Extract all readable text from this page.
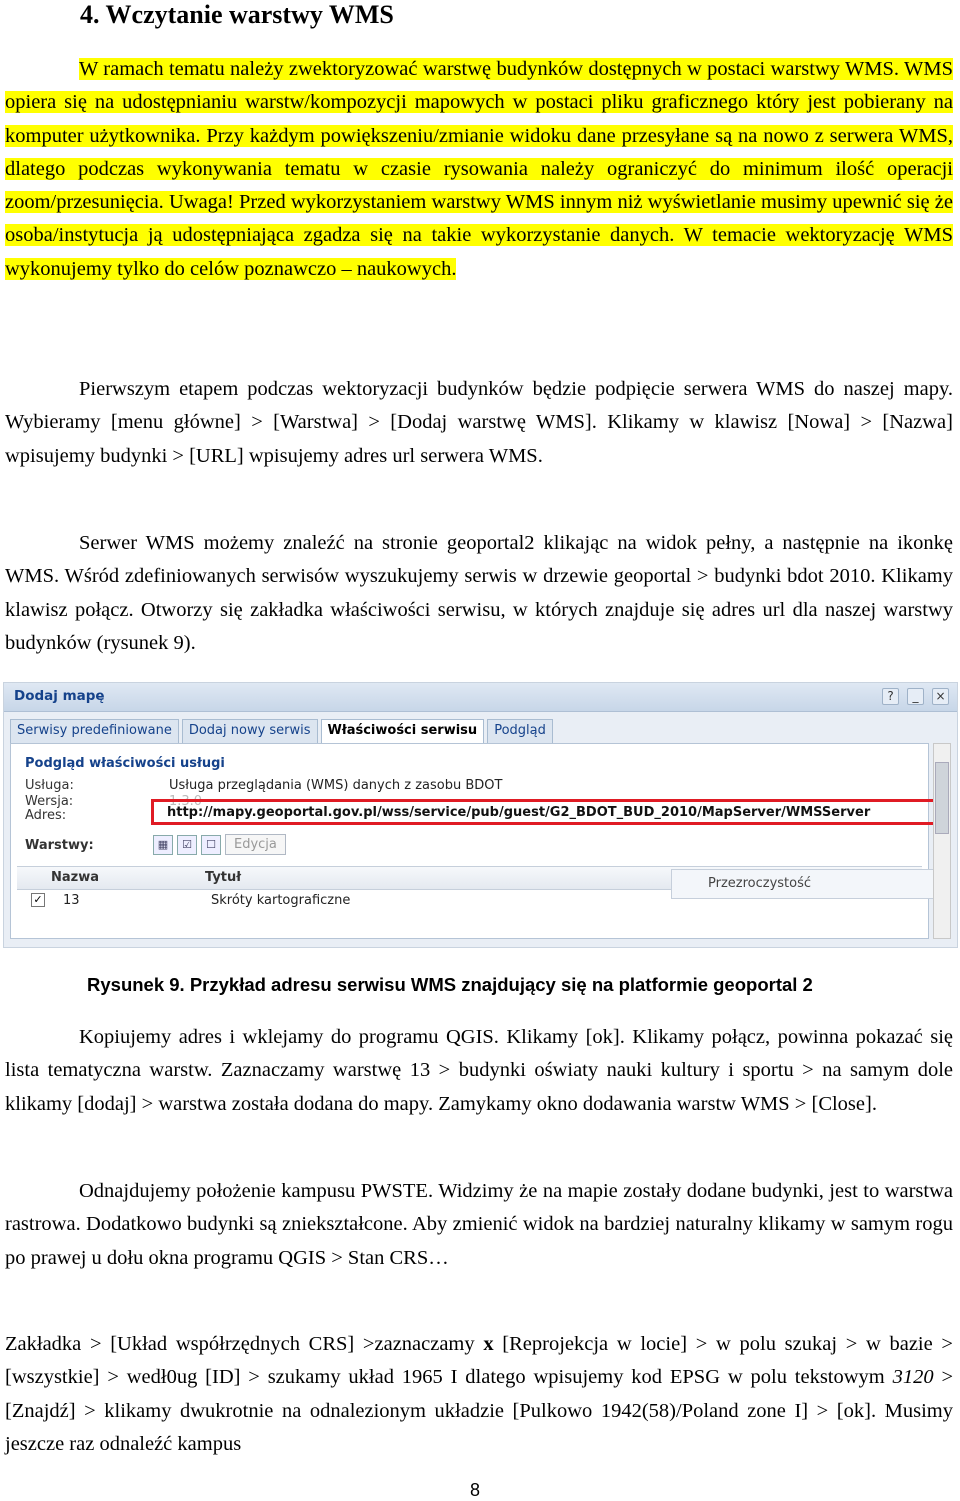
4. Wczytanie warstwy WMS

W ramach tematu należy zwektoryzować warstwę budynków dostępnych w postaci warstwy WMS. WMS opiera się na udostępnianiu warstw/kompozycji mapowych w postaci pliku graficznego który jest pobierany na komputer użytkownika. Przy każdym powiększeniu/zmianie widoku dane przesyłane są na nowo z serwera WMS, dlatego podczas wykonywania tematu w czasie rysowania należy ograniczyć do minimum ilość operacji zoom/przesunięcia. Uwaga! Przed wykorzystaniem warstwy WMS innym niż wyświetlanie musimy upewnić się że osoba/instytucja ją udostępniająca zgadza się na takie wykorzystanie danych. W temacie wektoryzację WMS wykonujemy tylko do celów poznawczo – naukowych.

Pierwszym etapem podczas wektoryzacji budynków będzie podpięcie serwera WMS do naszej mapy. Wybieramy [menu główne] > [Warstwa] > [Dodaj warstwę WMS]. Klikamy w klawisz [Nowa] > [Nazwa] wpisujemy budynki > [URL] wpisujemy adres url serwera WMS.

Serwer WMS możemy znaleźć na stronie geoportal2 klikając na widok pełny, a następnie na ikonkę WMS. Wśród zdefiniowanych serwisów wyszukujemy serwis w drzewie geoportal > budynki bdot 2010. Klikamy klawisz połącz. Otworzy się zakładka właściwości serwisu, w których znajduje się adres url dla naszej warstwy budynków (rysunek 9).

Dodaj mapę	?	_	×
Serwisy predefiniowane	Dodaj nowy serwis	Właściwości serwisu	Podgląd
Podgląd właściwości usługi
Usługa:	Usługa przeglądania (WMS) danych z zasobu BDOT
Wersja:	1.3.0
Adres:	http://mapy.geoportal.gov.pl/wss/service/pub/guest/G2_BDOT_BUD_2010/MapServer/WMSServer
Warstwy:	▦	☑	☐	Edycja
Nazwa	Tytuł
✓ 13	Skróty kartograficzne
Przezroczystość
Rysunek 9. Przykład adresu serwisu WMS znajdujący się na platformie geoportal 2

Kopiujemy adres i wklejamy do programu QGIS. Klikamy [ok]. Klikamy połącz, powinna pokazać się lista tematyczna warstw. Zaznaczamy warstwę 13 > budynki oświaty nauki kultury i sportu > na samym dole klikamy [dodaj] > warstwa została dodana do mapy. Zamykamy okno dodawania warstw WMS > [Close].

Odnajdujemy położenie kampusu PWSTE. Widzimy że na mapie zostały dodane budynki, jest to warstwa rastrowa. Dodatkowo budynki są zniekształcone. Aby zmienić widok na bardziej naturalny klikamy w samym rogu po prawej u dołu okna programu QGIS > Stan CRS…

Zakładka > [Układ współrzędnych CRS] >zaznaczamy x [Reprojekcja w locie] > w polu szukaj > w bazie > [wszystkie] > wedł0ug [ID] > szukamy układ 1965 I dlatego wpisujemy kod EPSG w polu tekstowym 3120 > [Znajdź] > klikamy dwukrotnie na odnalezionym układzie [Pulkowo 1942(58)/Poland zone I] > [ok]. Musimy jeszcze raz odnaleźć kampus

8
